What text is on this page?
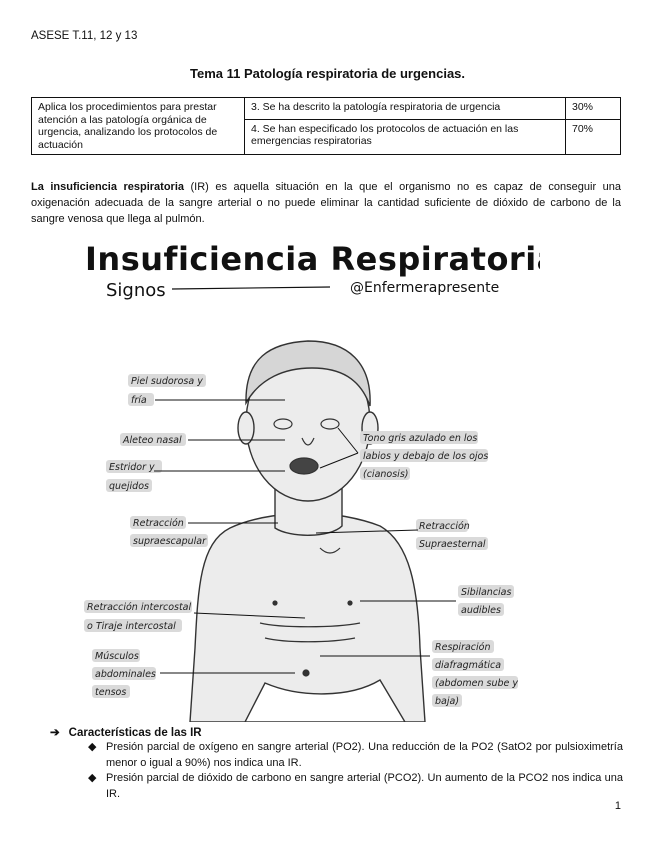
ASESE T.11, 12 y 13
Tema 11 Patología respiratoria de urgencias.
Aplica los procedimientos para prestar atención a las patología orgánica de urgencia, analizando los protocolos de actuación	3. Se ha descrito la patología respiratoria de urgencia	30%
	4. Se han especificado los protocolos de actuación en las emergencias respiratorias	70%
La insuficiencia respiratoria (IR) es aquella situación en la que el organismo no es capaz de conseguir una oxigenación adecuada de la sangre arterial o no puede eliminar la cantidad suficiente de dióxido de carbono de la sangre venosa que llega al pulmón.
Insuficiencia Respiratoria
Signos	@Enfermerapresente
Piel sudorosa y
fría
Aleteo nasal
Estridor y
quejidos
Retracción
supraescapular
Retracción intercostal
o Tiraje intercostal
Músculos
abdominales
tensos
Tono gris azulado en los
labios y debajo de los ojos
(cianosis)
Retracción
Supraesternal
Sibilancias
audibles
Respiración
diafragmática
(abdomen sube y
baja)
➔ Características de las IR
◆ Presión parcial de oxígeno en sangre arterial (PO2). Una reducción de la PO2 (SatO2 por pulsioximetría menor o igual a 90%) nos indica una IR.
◆ Presión parcial de dióxido de carbono en sangre arterial (PCO2). Un aumento de la PCO2 nos indica una IR.
1
